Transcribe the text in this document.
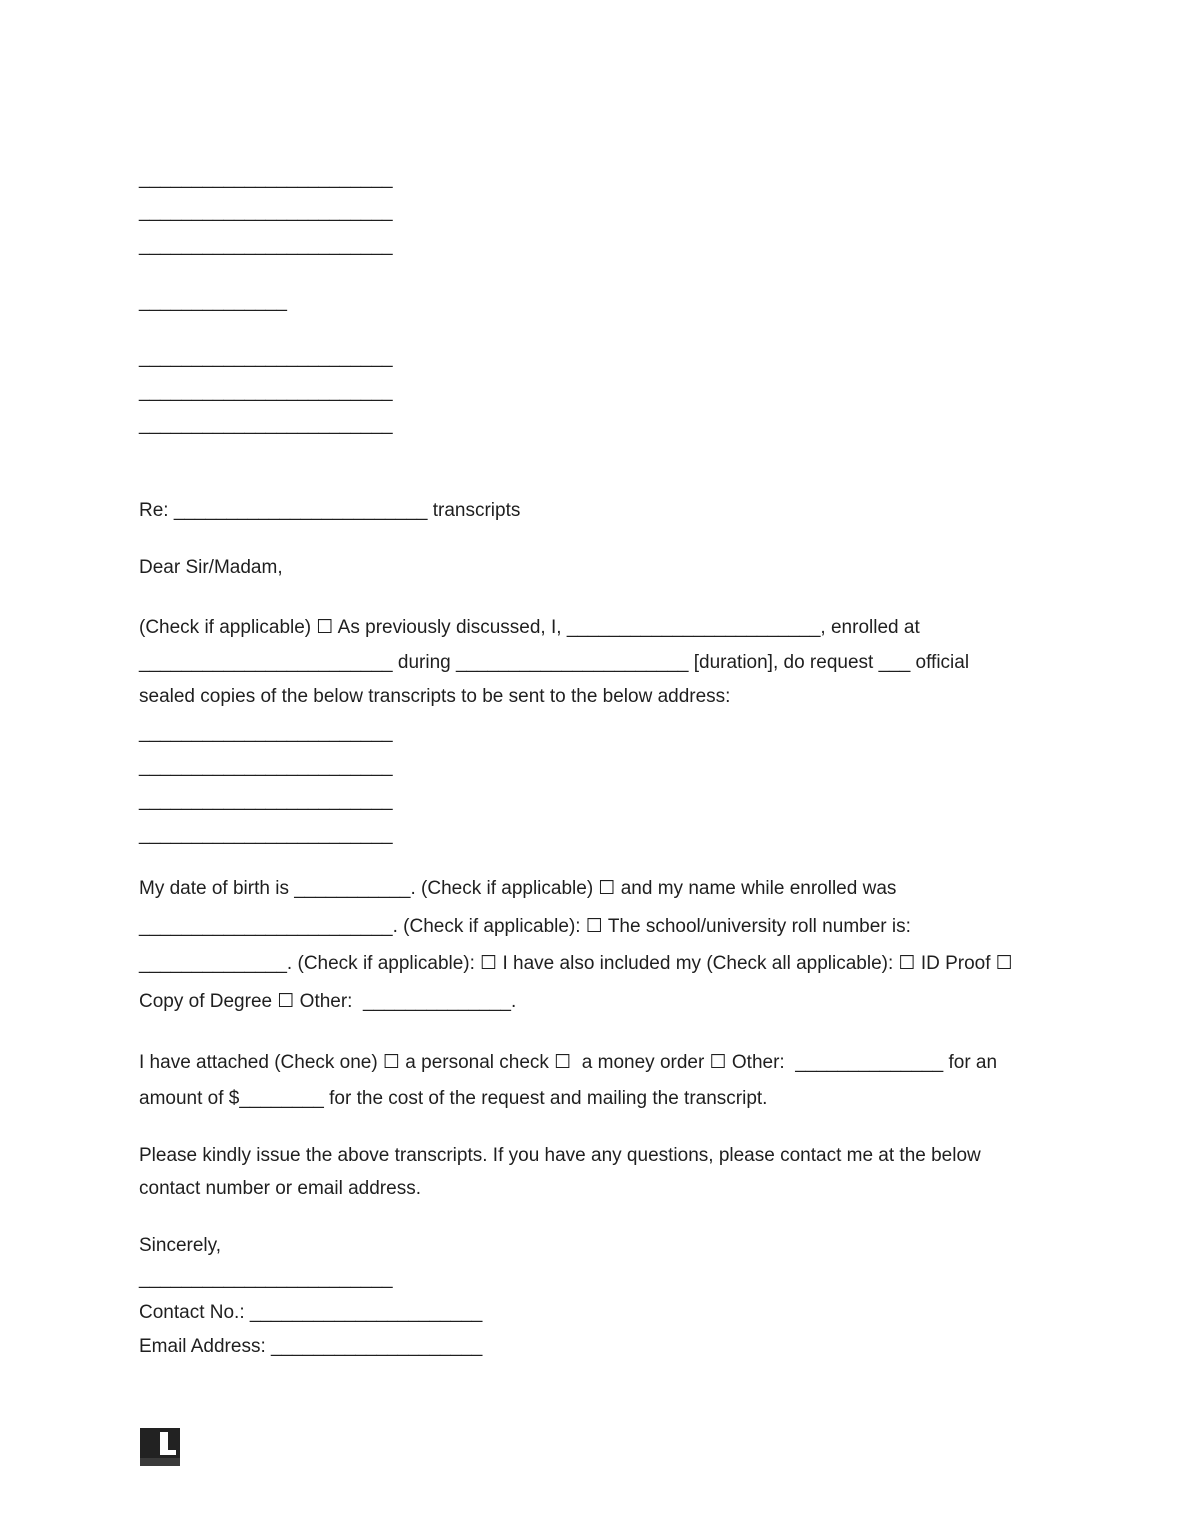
________________________
________________________
________________________
______________
________________________
________________________
________________________
Re: ________________________ transcripts
Dear Sir/Madam,
(Check if applicable) ☐ As previously discussed, I, ________________________, enrolled at
________________________ during ______________________ [duration], do request ___ official
sealed copies of the below transcripts to be sent to the below address:
________________________
________________________
________________________
________________________
My date of birth is ___________. (Check if applicable) ☐ and my name while enrolled was
________________________. (Check if applicable): ☐ The school/university roll number is:
______________. (Check if applicable): ☐ I have also included my (Check all applicable): ☐ ID Proof ☐
Copy of Degree ☐ Other:  ______________.
I have attached (Check one) ☐ a personal check ☐  a money order ☐ Other:  ______________ for an
amount of $________ for the cost of the request and mailing the transcript.
Please kindly issue the above transcripts. If you have any questions, please contact me at the below
contact number or email address.
Sincerely,
________________________
Contact No.: ______________________
Email Address: ____________________
